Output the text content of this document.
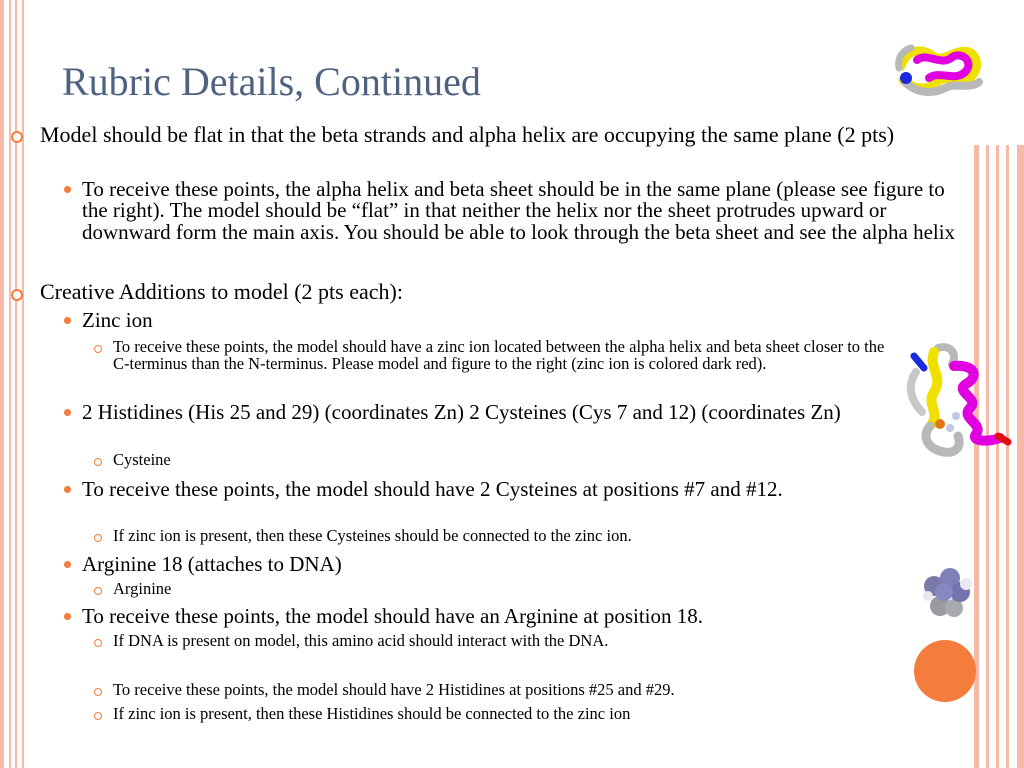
Rubric Details, Continued
Model should be flat in that the beta strands and alpha helix are occupying the same plane (2 pts)
To receive these points, the alpha helix and beta sheet should be in the same plane (please see figure to the right). The model should be “flat” in that neither the helix nor the sheet protrudes upward or downward form the main axis. You should be able to look through the beta sheet and see the alpha helix
Creative Additions to model (2 pts each):
Zinc ion
To receive these points, the model should have a zinc ion located between the alpha helix and beta sheet closer to the C-terminus than the N-terminus. Please model and figure to the right (zinc ion is colored dark red).
2 Histidines (His 25 and 29) (coordinates Zn) 2 Cysteines (Cys 7 and 12) (coordinates Zn)
Cysteine
To receive these points, the model should have 2 Cysteines at positions #7 and #12.
If zinc ion is present, then these Cysteines should be connected to the zinc ion.
Arginine 18 (attaches to DNA)
Arginine
To receive these points, the model should have an Arginine at position 18.
If DNA is present on model, this amino acid should interact with the DNA.
To receive these points, the model should have 2 Histidines at positions #25 and #29.
If zinc ion is present, then these Histidines should be connected to the zinc ion
